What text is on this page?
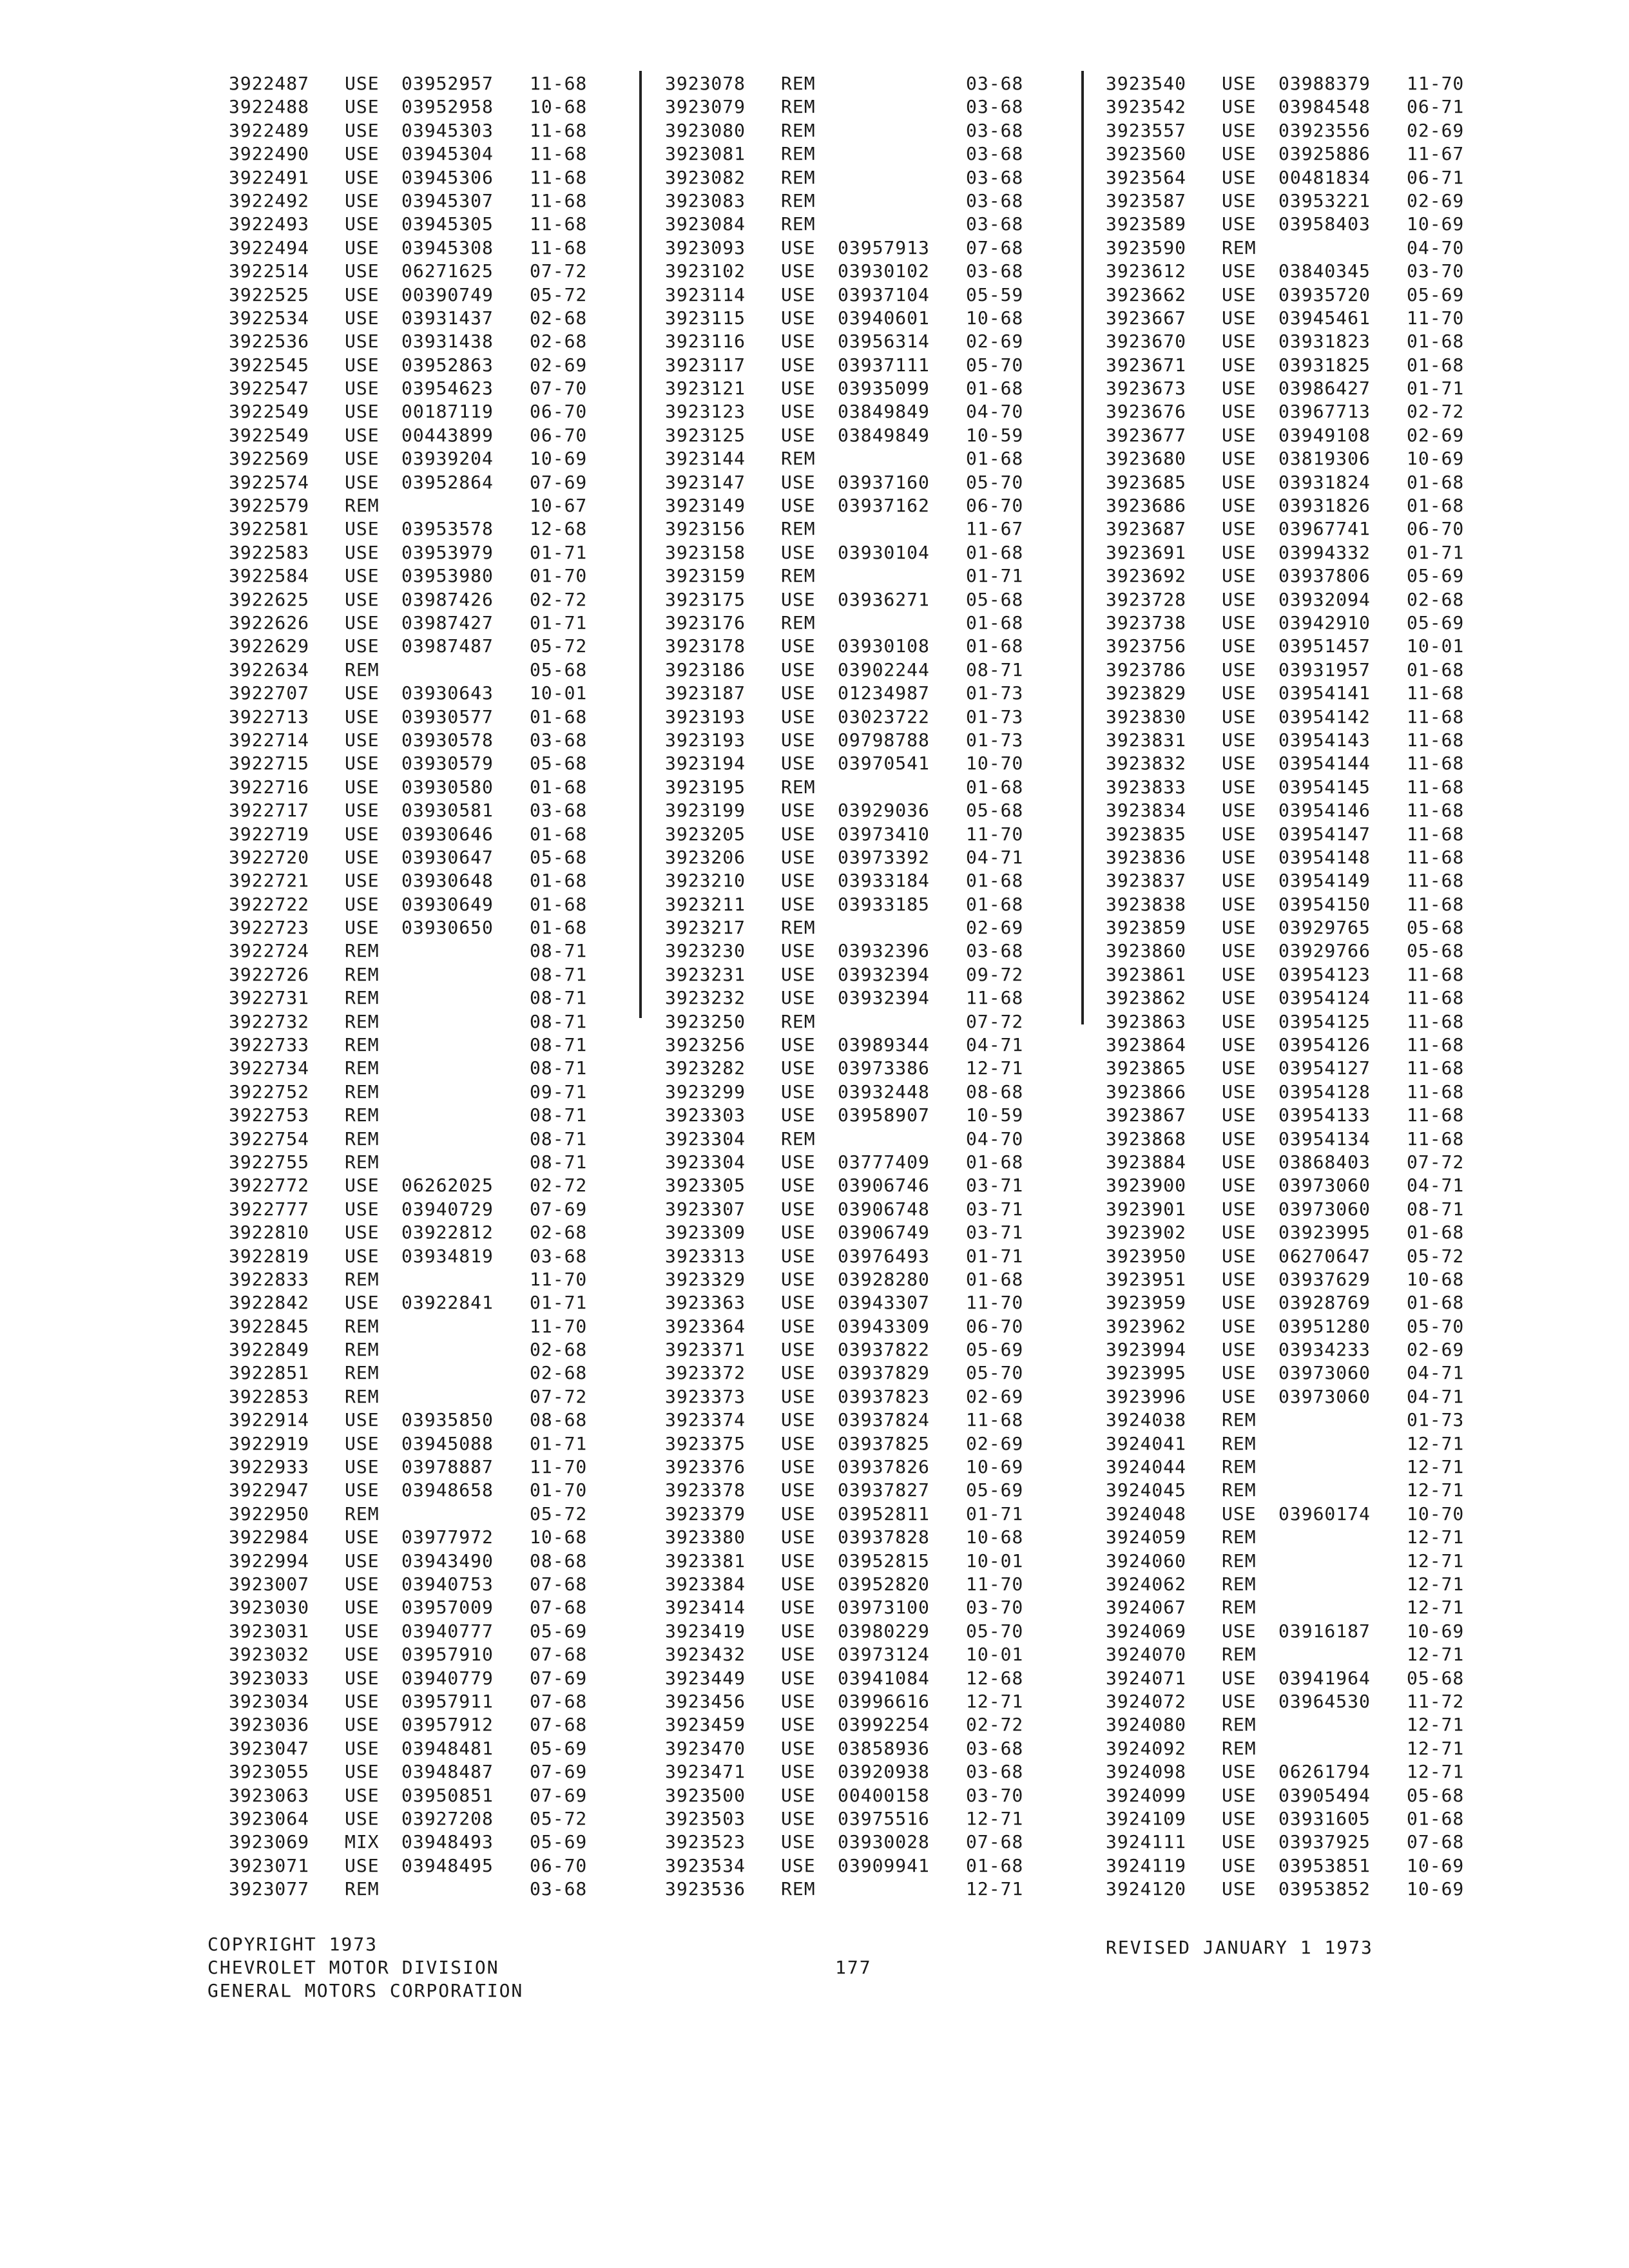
3922487 USE 03952957 11-68
3922488 USE 03952958 10-68
3922489 USE 03945303 11-68
3922490 USE 03945304 11-68
3922491 USE 03945306 11-68
3922492 USE 03945307 11-68
3922493 USE 03945305 11-68
3922494 USE 03945308 11-68
3922514 USE 06271625 07-72
3922525 USE 00390749 05-72
3922534 USE 03931437 02-68
3922536 USE 03931438 02-68
3922545 USE 03952863 02-69
3922547 USE 03954623 07-70
3922549 USE 00187119 06-70
3922549 USE 00443899 06-70
3922569 USE 03939204 10-69
3922574 USE 03952864 07-69
3922579 REM	10-67
3922581 USE 03953578 12-68
3922583 USE 03953979 01-71
3922584 USE 03953980 01-70
3922625 USE 03987426 02-72
3922626 USE 03987427 01-71
3922629 USE 03987487 05-72
3922634 REM	05-68
3922707 USE 03930643 10-01
3922713 USE 03930577 01-68
3922714 USE 03930578 03-68
3922715 USE 03930579 05-68
3922716 USE 03930580 01-68
3922717 USE 03930581 03-68
3922719 USE 03930646 01-68
3922720 USE 03930647 05-68
3922721 USE 03930648 01-68
3922722 USE 03930649 01-68
3922723 USE 03930650 01-68
3922724 REM	08-71
3922726 REM	08-71
3922731 REM	08-71
3922732 REM	08-71
3922733 REM	08-71
3922734 REM	08-71
3922752 REM	09-71
3922753 REM	08-71
3922754 REM	08-71
3922755 REM	08-71
3922772 USE 06262025 02-72
3922777 USE 03940729 07-69
3922810 USE 03922812 02-68
3922819 USE 03934819 03-68
3922833 REM	11-70
3922842 USE 03922841 01-71
3922845 REM	11-70
3922849 REM	02-68
3922851 REM	02-68
3922853 REM	07-72
3922914 USE 03935850 08-68
3922919 USE 03945088 01-71
3922933 USE 03978887 11-70
3922947 USE 03948658 01-70
3922950 REM	05-72
3922984 USE 03977972 10-68
3922994 USE 03943490 08-68
3923007 USE 03940753 07-68
3923030 USE 03957009 07-68
3923031 USE 03940777 05-69
3923032 USE 03957910 07-68
3923033 USE 03940779 07-69
3923034 USE 03957911 07-68
3923036 USE 03957912 07-68
3923047 USE 03948481 05-69
3923055 USE 03948487 07-69
3923063 USE 03950851 07-69
3923064 USE 03927208 05-72
3923069 MIX 03948493 05-69
3923071 USE 03948495 06-70
3923077 REM	03-68
3923078 REM	03-68
3923079 REM	03-68
3923080 REM	03-68
3923081 REM	03-68
3923082 REM	03-68
3923083 REM	03-68
3923084 REM	03-68
3923093 USE 03957913 07-68
3923102 USE 03930102 03-68
3923114 USE 03937104 05-59
3923115 USE 03940601 10-68
3923116 USE 03956314 02-69
3923117 USE 03937111 05-70
3923121 USE 03935099 01-68
3923123 USE 03849849 04-70
3923125 USE 03849849 10-59
3923144 REM	01-68
3923147 USE 03937160 05-70
3923149 USE 03937162 06-70
3923156 REM	11-67
3923158 USE 03930104 01-68
3923159 REM	01-71
3923175 USE 03936271 05-68
3923176 REM	01-68
3923178 USE 03930108 01-68
3923186 USE 03902244 08-71
3923187 USE 01234987 01-73
3923193 USE 03023722 01-73
3923193 USE 09798788 01-73
3923194 USE 03970541 10-70
3923195 REM	01-68
3923199 USE 03929036 05-68
3923205 USE 03973410 11-70
3923206 USE 03973392 04-71
3923210 USE 03933184 01-68
3923211 USE 03933185 01-68
3923217 REM	02-69
3923230 USE 03932396 03-68
3923231 USE 03932394 09-72
3923232 USE 03932394 11-68
3923250 REM	07-72
3923256 USE 03989344 04-71
3923282 USE 03973386 12-71
3923299 USE 03932448 08-68
3923303 USE 03958907 10-59
3923304 REM	04-70
3923304 USE 03777409 01-68
3923305 USE 03906746 03-71
3923307 USE 03906748 03-71
3923309 USE 03906749 03-71
3923313 USE 03976493 01-71
3923329 USE 03928280 01-68
3923363 USE 03943307 11-70
3923364 USE 03943309 06-70
3923371 USE 03937822 05-69
3923372 USE 03937829 05-70
3923373 USE 03937823 02-69
3923374 USE 03937824 11-68
3923375 USE 03937825 02-69
3923376 USE 03937826 10-69
3923378 USE 03937827 05-69
3923379 USE 03952811 01-71
3923380 USE 03937828 10-68
3923381 USE 03952815 10-01
3923384 USE 03952820 11-70
3923414 USE 03973100 03-70
3923419 USE 03980229 05-70
3923432 USE 03973124 10-01
3923449 USE 03941084 12-68
3923456 USE 03996616 12-71
3923459 USE 03992254 02-72
3923470 USE 03858936 03-68
3923471 USE 03920938 03-68
3923500 USE 00400158 03-70
3923503 USE 03975516 12-71
3923523 USE 03930028 07-68
3923534 USE 03909941 01-68
3923536 REM	12-71
3923540 USE 03988379 11-70
3923542 USE 03984548 06-71
3923557 USE 03923556 02-69
3923560 USE 03925886 11-67
3923564 USE 00481834 06-71
3923587 USE 03953221 02-69
3923589 USE 03958403 10-69
3923590 REM	04-70
3923612 USE 03840345 03-70
3923662 USE 03935720 05-69
3923667 USE 03945461 11-70
3923670 USE 03931823 01-68
3923671 USE 03931825 01-68
3923673 USE 03986427 01-71
3923676 USE 03967713 02-72
3923677 USE 03949108 02-69
3923680 USE 03819306 10-69
3923685 USE 03931824 01-68
3923686 USE 03931826 01-68
3923687 USE 03967741 06-70
3923691 USE 03994332 01-71
3923692 USE 03937806 05-69
3923728 USE 03932094 02-68
3923738 USE 03942910 05-69
3923756 USE 03951457 10-01
3923786 USE 03931957 01-68
3923829 USE 03954141 11-68
3923830 USE 03954142 11-68
3923831 USE 03954143 11-68
3923832 USE 03954144 11-68
3923833 USE 03954145 11-68
3923834 USE 03954146 11-68
3923835 USE 03954147 11-68
3923836 USE 03954148 11-68
3923837 USE 03954149 11-68
3923838 USE 03954150 11-68
3923859 USE 03929765 05-68
3923860 USE 03929766 05-68
3923861 USE 03954123 11-68
3923862 USE 03954124 11-68
3923863 USE 03954125 11-68
3923864 USE 03954126 11-68
3923865 USE 03954127 11-68
3923866 USE 03954128 11-68
3923867 USE 03954133 11-68
3923868 USE 03954134 11-68
3923884 USE 03868403 07-72
3923900 USE 03973060 04-71
3923901 USE 03973060 08-71
3923902 USE 03923995 01-68
3923950 USE 06270647 05-72
3923951 USE 03937629 10-68
3923959 USE 03928769 01-68
3923962 USE 03951280 05-70
3923994 USE 03934233 02-69
3923995 USE 03973060 04-71
3923996 USE 03973060 04-71
3924038 REM	01-73
3924041 REM	12-71
3924044 REM	12-71
3924045 REM	12-71
3924048 USE 03960174 10-70
3924059 REM	12-71
3924060 REM	12-71
3924062 REM	12-71
3924067 REM	12-71
3924069 USE 03916187 10-69
3924070 REM	12-71
3924071 USE 03941964 05-68
3924072 USE 03964530 11-72
3924080 REM	12-71
3924092 REM	12-71
3924098 USE 06261794 12-71
3924099 USE 03905494 05-68
3924109 USE 03931605 01-68
3924111 USE 03937925 07-68
3924119 USE 03953851 10-69
3924120 USE 03953852 10-69
COPYRIGHT 1973
CHEVROLET MOTOR DIVISION
GENERAL MOTORS CORPORATION
177
REVISED JANUARY 1 1973
